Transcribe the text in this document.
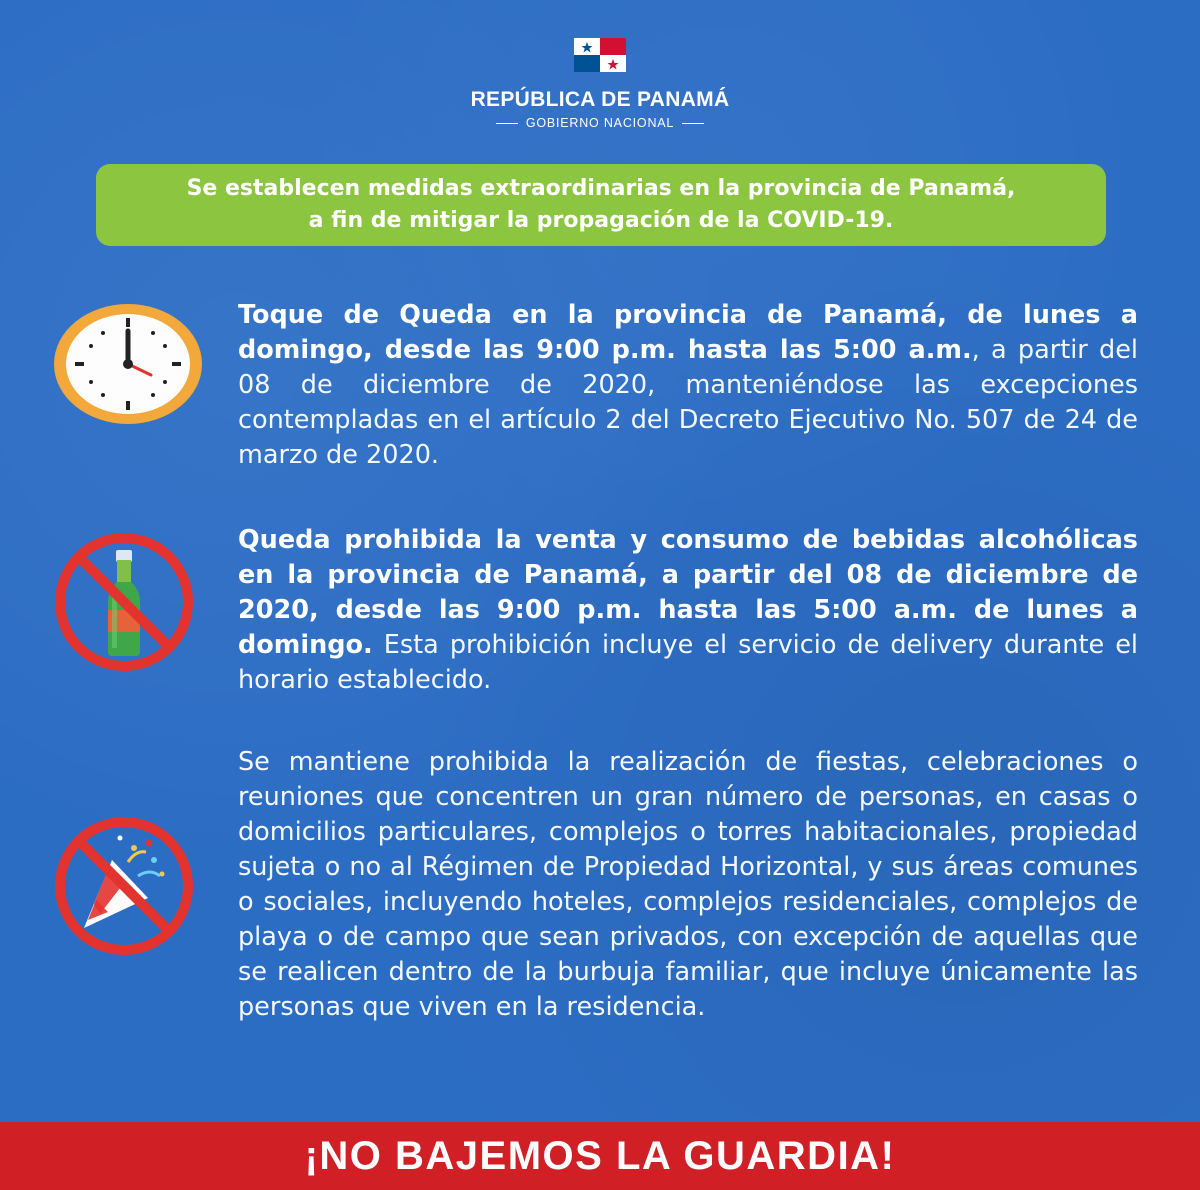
REPÚBLICA DE PANAMÁ
GOBIERNO NACIONAL
Se establecen medidas extraordinarias en la provincia de Panamá,
a fin de mitigar la propagación de la COVID-19.
Toque de Queda en la provincia de Panamá, de lunes a domingo, desde las 9:00 p.m. hasta las 5:00 a.m., a partir del 08 de diciembre de 2020, manteniéndose las excepciones contempladas en el artículo 2 del Decreto Ejecutivo No. 507 de 24 de marzo de 2020.
Queda prohibida la venta y consumo de bebidas alcohólicas en la provincia de Panamá, a partir del 08 de diciembre de 2020, desde las 9:00 p.m. hasta las 5:00 a.m. de lunes a domingo. Esta prohibición incluye el servicio de delivery durante el horario establecido.
Se mantiene prohibida la realización de fiestas, celebraciones o reuniones que concentren un gran número de personas, en casas o domicilios particulares, complejos o torres habitacionales, propiedad sujeta o no al Régimen de Propiedad Horizontal, y sus áreas comunes o sociales, incluyendo hoteles, complejos residenciales, complejos de playa o de campo que sean privados, con excepción de aquellas que se realicen dentro de la burbuja familiar, que incluye únicamente las personas que viven en la residencia.
¡NO BAJEMOS LA GUARDIA!
